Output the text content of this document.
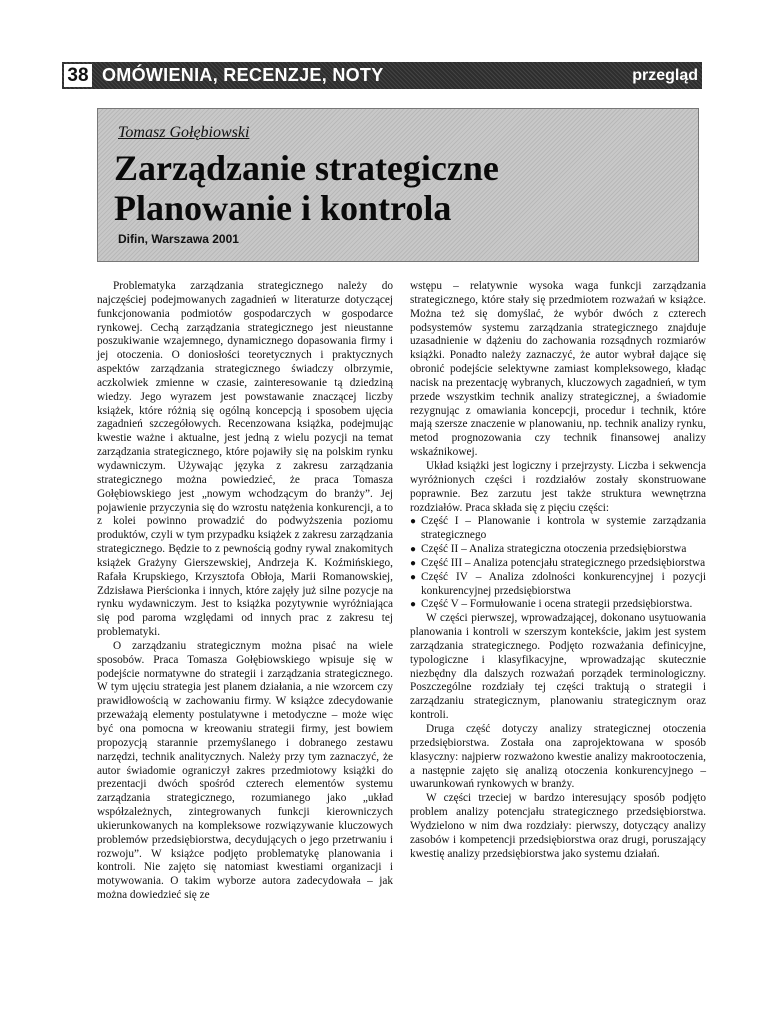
38 OMÓWIENIA, RECENZJE, NOTY	przegląd
Tomasz Gołębiowski
Zarządzanie strategiczne
Planowanie i kontrola
Difin, Warszawa 2001

Problematyka zarządzania strategicznego należy do najczęściej podejmowanych zagadnień w literaturze dotyczącej funkcjonowania podmiotów gospodarczych w gospodarce rynkowej. Cechą zarządzania strategicznego jest nieustanne poszukiwanie wzajemnego, dynamicznego dopasowania firmy i jej otoczenia. O doniosłości teoretycznych i praktycznych aspektów zarządzania strategicznego świadczy olbrzymie, aczkolwiek zmienne w czasie, zainteresowanie tą dziedziną wiedzy. Jego wyrazem jest powstawanie znaczącej liczby książek, które różnią się ogólną koncepcją i sposobem ujęcia zagadnień szczegółowych. Recenzowana książka, podejmując kwestie ważne i aktualne, jest jedną z wielu pozycji na temat zarządzania strategicznego, które pojawiły się na polskim rynku wydawniczym. Używając języka z zakresu zarządzania strategicznego można powiedzieć, że praca Tomasza Gołębiowskiego jest „nowym wchodzącym do branży”. Jej pojawienie przyczynia się do wzrostu natężenia konkurencji, a to z kolei powinno prowadzić do podwyższenia poziomu produktów, czyli w tym przypadku książek z zakresu zarządzania strategicznego. Będzie to z pewnością godny rywal znakomitych książek Grażyny Gierszewskiej, Andrzeja K. Koźmińskiego, Rafała Krupskiego, Krzysztofa Obłoja, Marii Romanowskiej, Zdzisława Pierścionka i innych, które zajęły już silne pozycje na rynku wydawniczym. Jest to książka pozytywnie wyróżniająca się pod paroma względami od innych prac z zakresu tej problematyki.

O zarządzaniu strategicznym można pisać na wiele sposobów. Praca Tomasza Gołębiowskiego wpisuje się w podejście normatywne do strategii i zarządzania strategicznego. W tym ujęciu strategia jest planem działania, a nie wzorcem czy prawidłowością w zachowaniu firmy. W książce zdecydowanie przeważają elementy postulatywne i metodyczne – może więc być ona pomocna w kreowaniu strategii firmy, jest bowiem propozycją starannie przemyślanego i dobranego zestawu narzędzi, technik analitycznych. Należy przy tym zaznaczyć, że autor świadomie ograniczył zakres przedmiotowy książki do prezentacji dwóch spośród czterech elementów systemu zarządzania strategicznego, rozumianego jako „układ współzależnych, zintegrowanych funkcji kierowniczych ukierunkowanych na kompleksowe rozwiązywanie kluczowych problemów przedsiębiorstwa, decydujących o jego przetrwaniu i rozwoju”. W książce podjęto problematykę planowania i kontroli. Nie zajęto się natomiast kwestiami organizacji i motywowania. O takim wyborze autora zadecydowała – jak można dowiedzieć się ze

wstępu – relatywnie wysoka waga funkcji zarządzania strategicznego, które stały się przedmiotem rozważań w książce. Można też się domyślać, że wybór dwóch z czterech podsystemów systemu zarządzania strategicznego znajduje uzasadnienie w dążeniu do zachowania rozsądnych rozmiarów książki. Ponadto należy zaznaczyć, że autor wybrał dające się obronić podejście selektywne zamiast kompleksowego, kładąc nacisk na prezentację wybranych, kluczowych zagadnień, w tym przede wszystkim technik analizy strategicznej, a świadomie rezygnując z omawiania koncepcji, procedur i technik, które mają szersze znaczenie w planowaniu, np. technik analizy rynku, metod prognozowania czy technik finansowej analizy wskaźnikowej.

Układ książki jest logiczny i przejrzysty. Liczba i sekwencja wyróżnionych części i rozdziałów zostały skonstruowane poprawnie. Bez zarzutu jest także struktura wewnętrzna rozdziałów. Praca składa się z pięciu części:

● Część I – Planowanie i kontrola w systemie zarządzania strategicznego
● Część II – Analiza strategiczna otoczenia przedsiębiorstwa
● Część III – Analiza potencjału strategicznego przedsiębiorstwa
● Część IV – Analiza zdolności konkurencyjnej i pozycji konkurencyjnej przedsiębiorstwa
● Część V – Formułowanie i ocena strategii przedsiębiorstwa.

W części pierwszej, wprowadzającej, dokonano usytuowania planowania i kontroli w szerszym kontekście, jakim jest system zarządzania strategicznego. Podjęto rozważania definicyjne, typologiczne i klasyfikacyjne, wprowadzając skutecznie niezbędny dla dalszych rozważań porządek terminologiczny. Poszczególne rozdziały tej części traktują o strategii i zarządzaniu strategicznym, planowaniu strategicznym oraz kontroli.

Druga część dotyczy analizy strategicznej otoczenia przedsiębiorstwa. Została ona zaprojektowana w sposób klasyczny: najpierw rozważono kwestie analizy makrootoczenia, a następnie zajęto się analizą otoczenia konkurencyjnego – uwarunkowań rynkowych w branży.

W części trzeciej w bardzo interesujący sposób podjęto problem analizy potencjału strategicznego przedsiębiorstwa. Wydzielono w nim dwa rozdziały: pierwszy, dotyczący analizy zasobów i kompetencji przedsiębiorstwa oraz drugi, poruszający kwestię analizy przedsiębiorstwa jako systemu działań.
